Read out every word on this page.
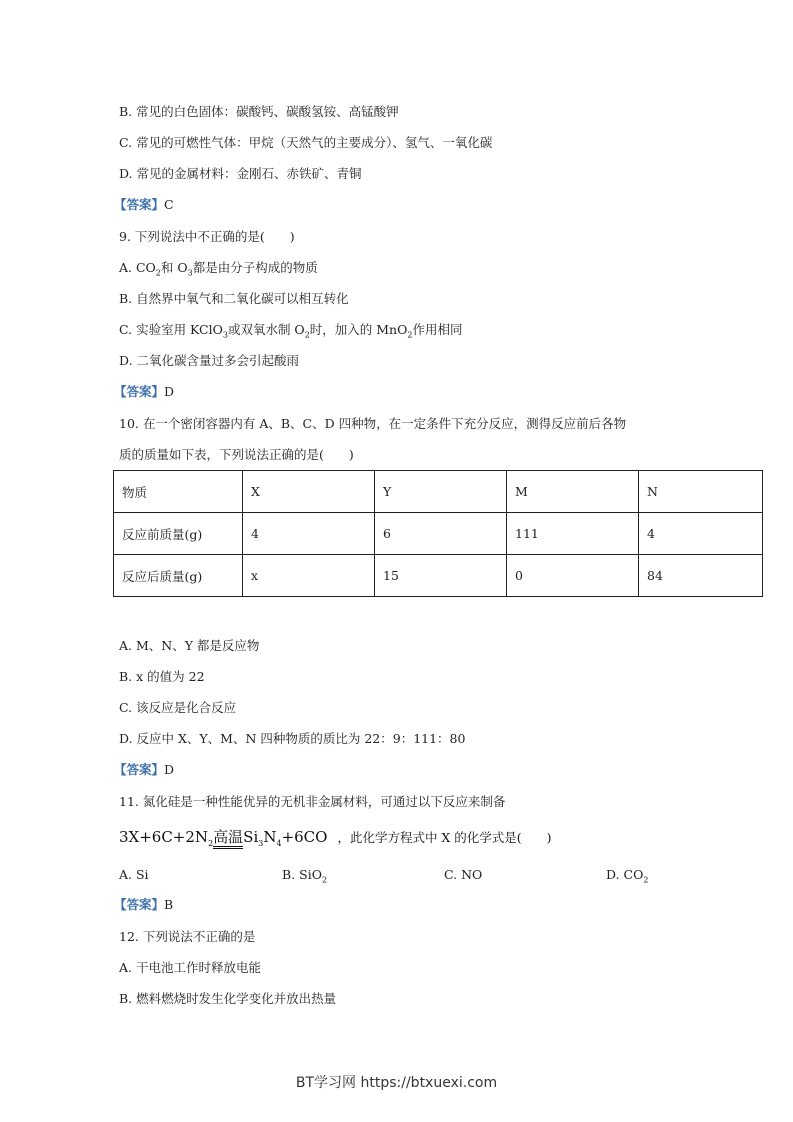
B. 常见的白色固体：碳酸钙、碳酸氢铵、高锰酸钾
C. 常见的可燃性气体：甲烷（天然气的主要成分）、氢气、一氧化碳
D. 常见的金属材料：金刚石、赤铁矿、青铜
【答案】C
9. 下列说法中不正确的是(　　)
A. $CO_2$和 $O_3$都是由分子构成的物质
B. 自然界中氧气和二氧化碳可以相互转化
C. 实验室用 KClO$_3$或双氧水制 $O_2$时，加入的 MnO$_2$作用相同
D. 二氧化碳含量过多会引起酸雨
【答案】D
10. 在一个密闭容器内有 A、B、C、D 四种物，在一定条件下充分反应，测得反应前后各物
质的质量如下表，下列说法正确的是(　　)
物质	X	Y	M	N
反应前质量(g)	4	6	111	4
反应后质量(g)	x	15	0	84
A. M、N、Y 都是反应物
B. x 的值为 22
C. 该反应是化合反应
D. 反应中 X、Y、M、N 四种物质的质比为 22：9：111：80
【答案】D
11. 氮化硅是一种性能优异的无机非金属材料，可通过以下反应来制备
$3X+6C+2N_2$高温$Si_3N_4+6CO$ ，此化学方程式中 X 的化学式是(　　)
A. Si	B. SiO$_2$	C. NO	D. $CO_2$
【答案】B
12. 下列说法不正确的是
A. 干电池工作时释放电能
B. 燃料燃烧时发生化学变化并放出热量
BT学习网 https://btxuexi.com
